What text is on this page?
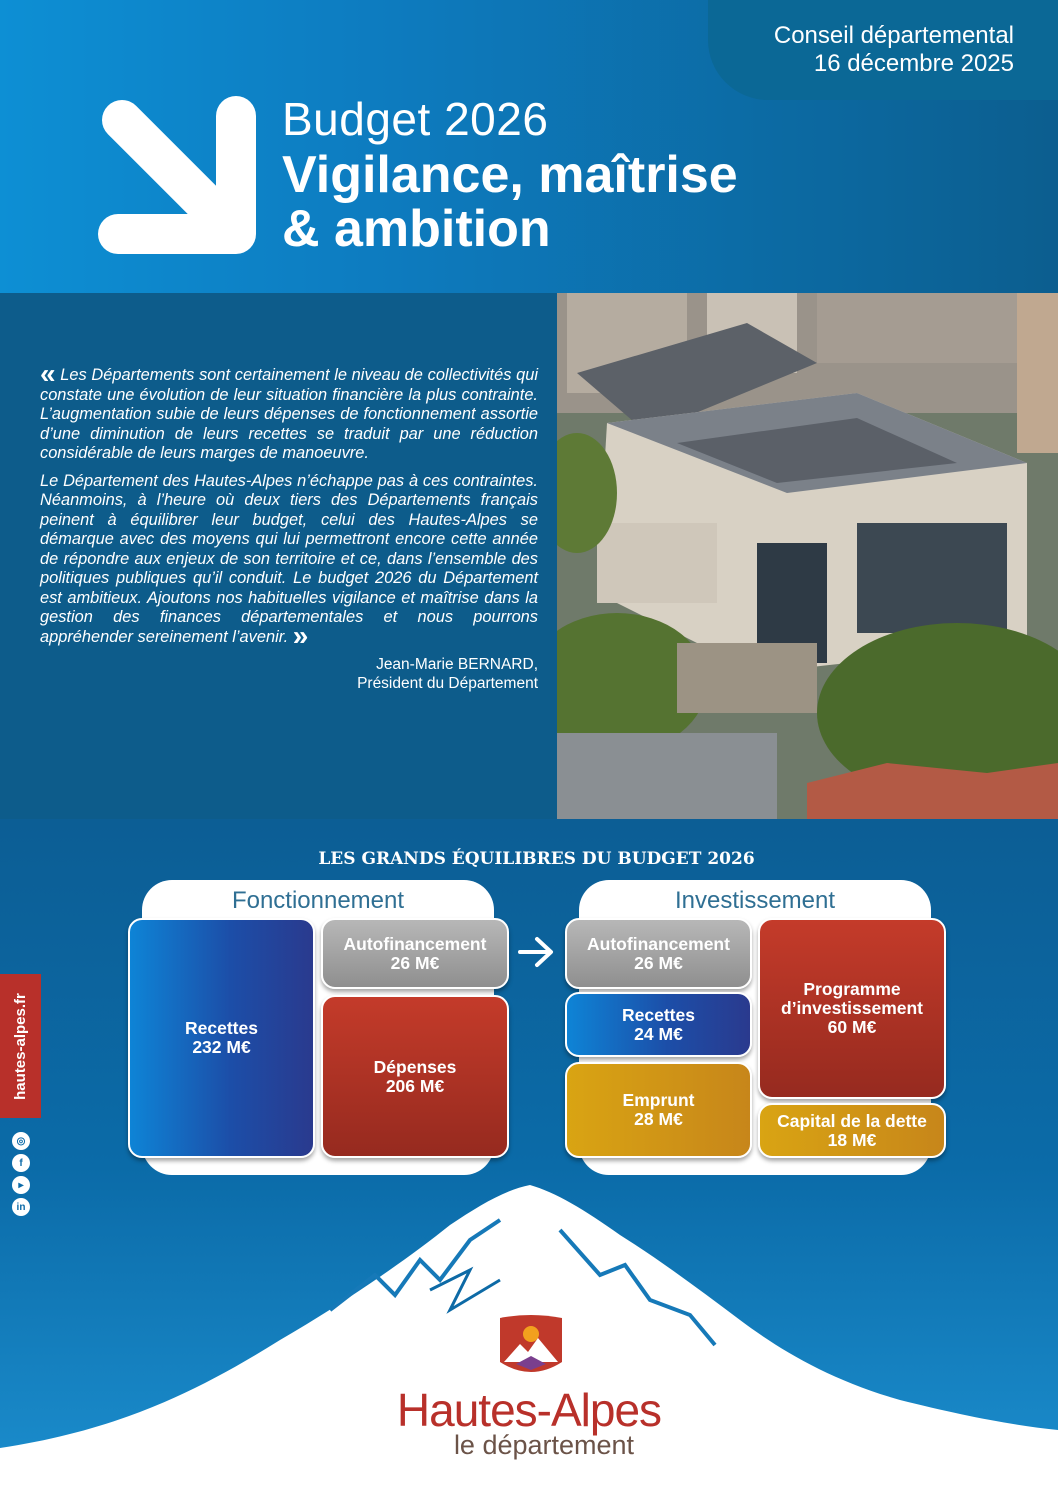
Conseil départemental
16 décembre 2025
Budget 2026
Vigilance, maîtrise
& ambition

« Les Départements sont certainement le niveau de collectivités qui constate une évolution de leur situation financière la plus contrainte. L’augmentation subie de leurs dépenses de fonctionnement assortie d’une diminution de leurs recettes se traduit par une réduction considérable de leurs marges de manoeuvre.

Le Département des Hautes-Alpes n’échappe pas à ces contraintes. Néanmoins, à l’heure où deux tiers des Départements français peinent à équilibrer leur budget, celui des Hautes-Alpes se démarque avec des moyens qui lui permettront encore cette année de répondre aux enjeux de son territoire et ce, dans l’ensemble des politiques publiques qu’il conduit. Le budget 2026 du Département est ambitieux. Ajoutons nos habituelles vigilance et maîtrise dans la gestion des finances départementales et nous pourrons appréhender sereinement l’avenir. »

Jean-Marie BERNARD,
Président du Département
LES GRANDS ÉQUILIBRES DU BUDGET 2026
Fonctionnement
Recettes
232 M€
Autofinancement
26 M€
Dépenses
206 M€
Investissement
Autofinancement
26 M€
Recettes
24 M€
Emprunt
28 M€
Programme
d’investissement
60 M€
Capital de la dette
18 M€
hautes-alpes.fr
◎
f
▸
in
Hautes-Alpes
le département
